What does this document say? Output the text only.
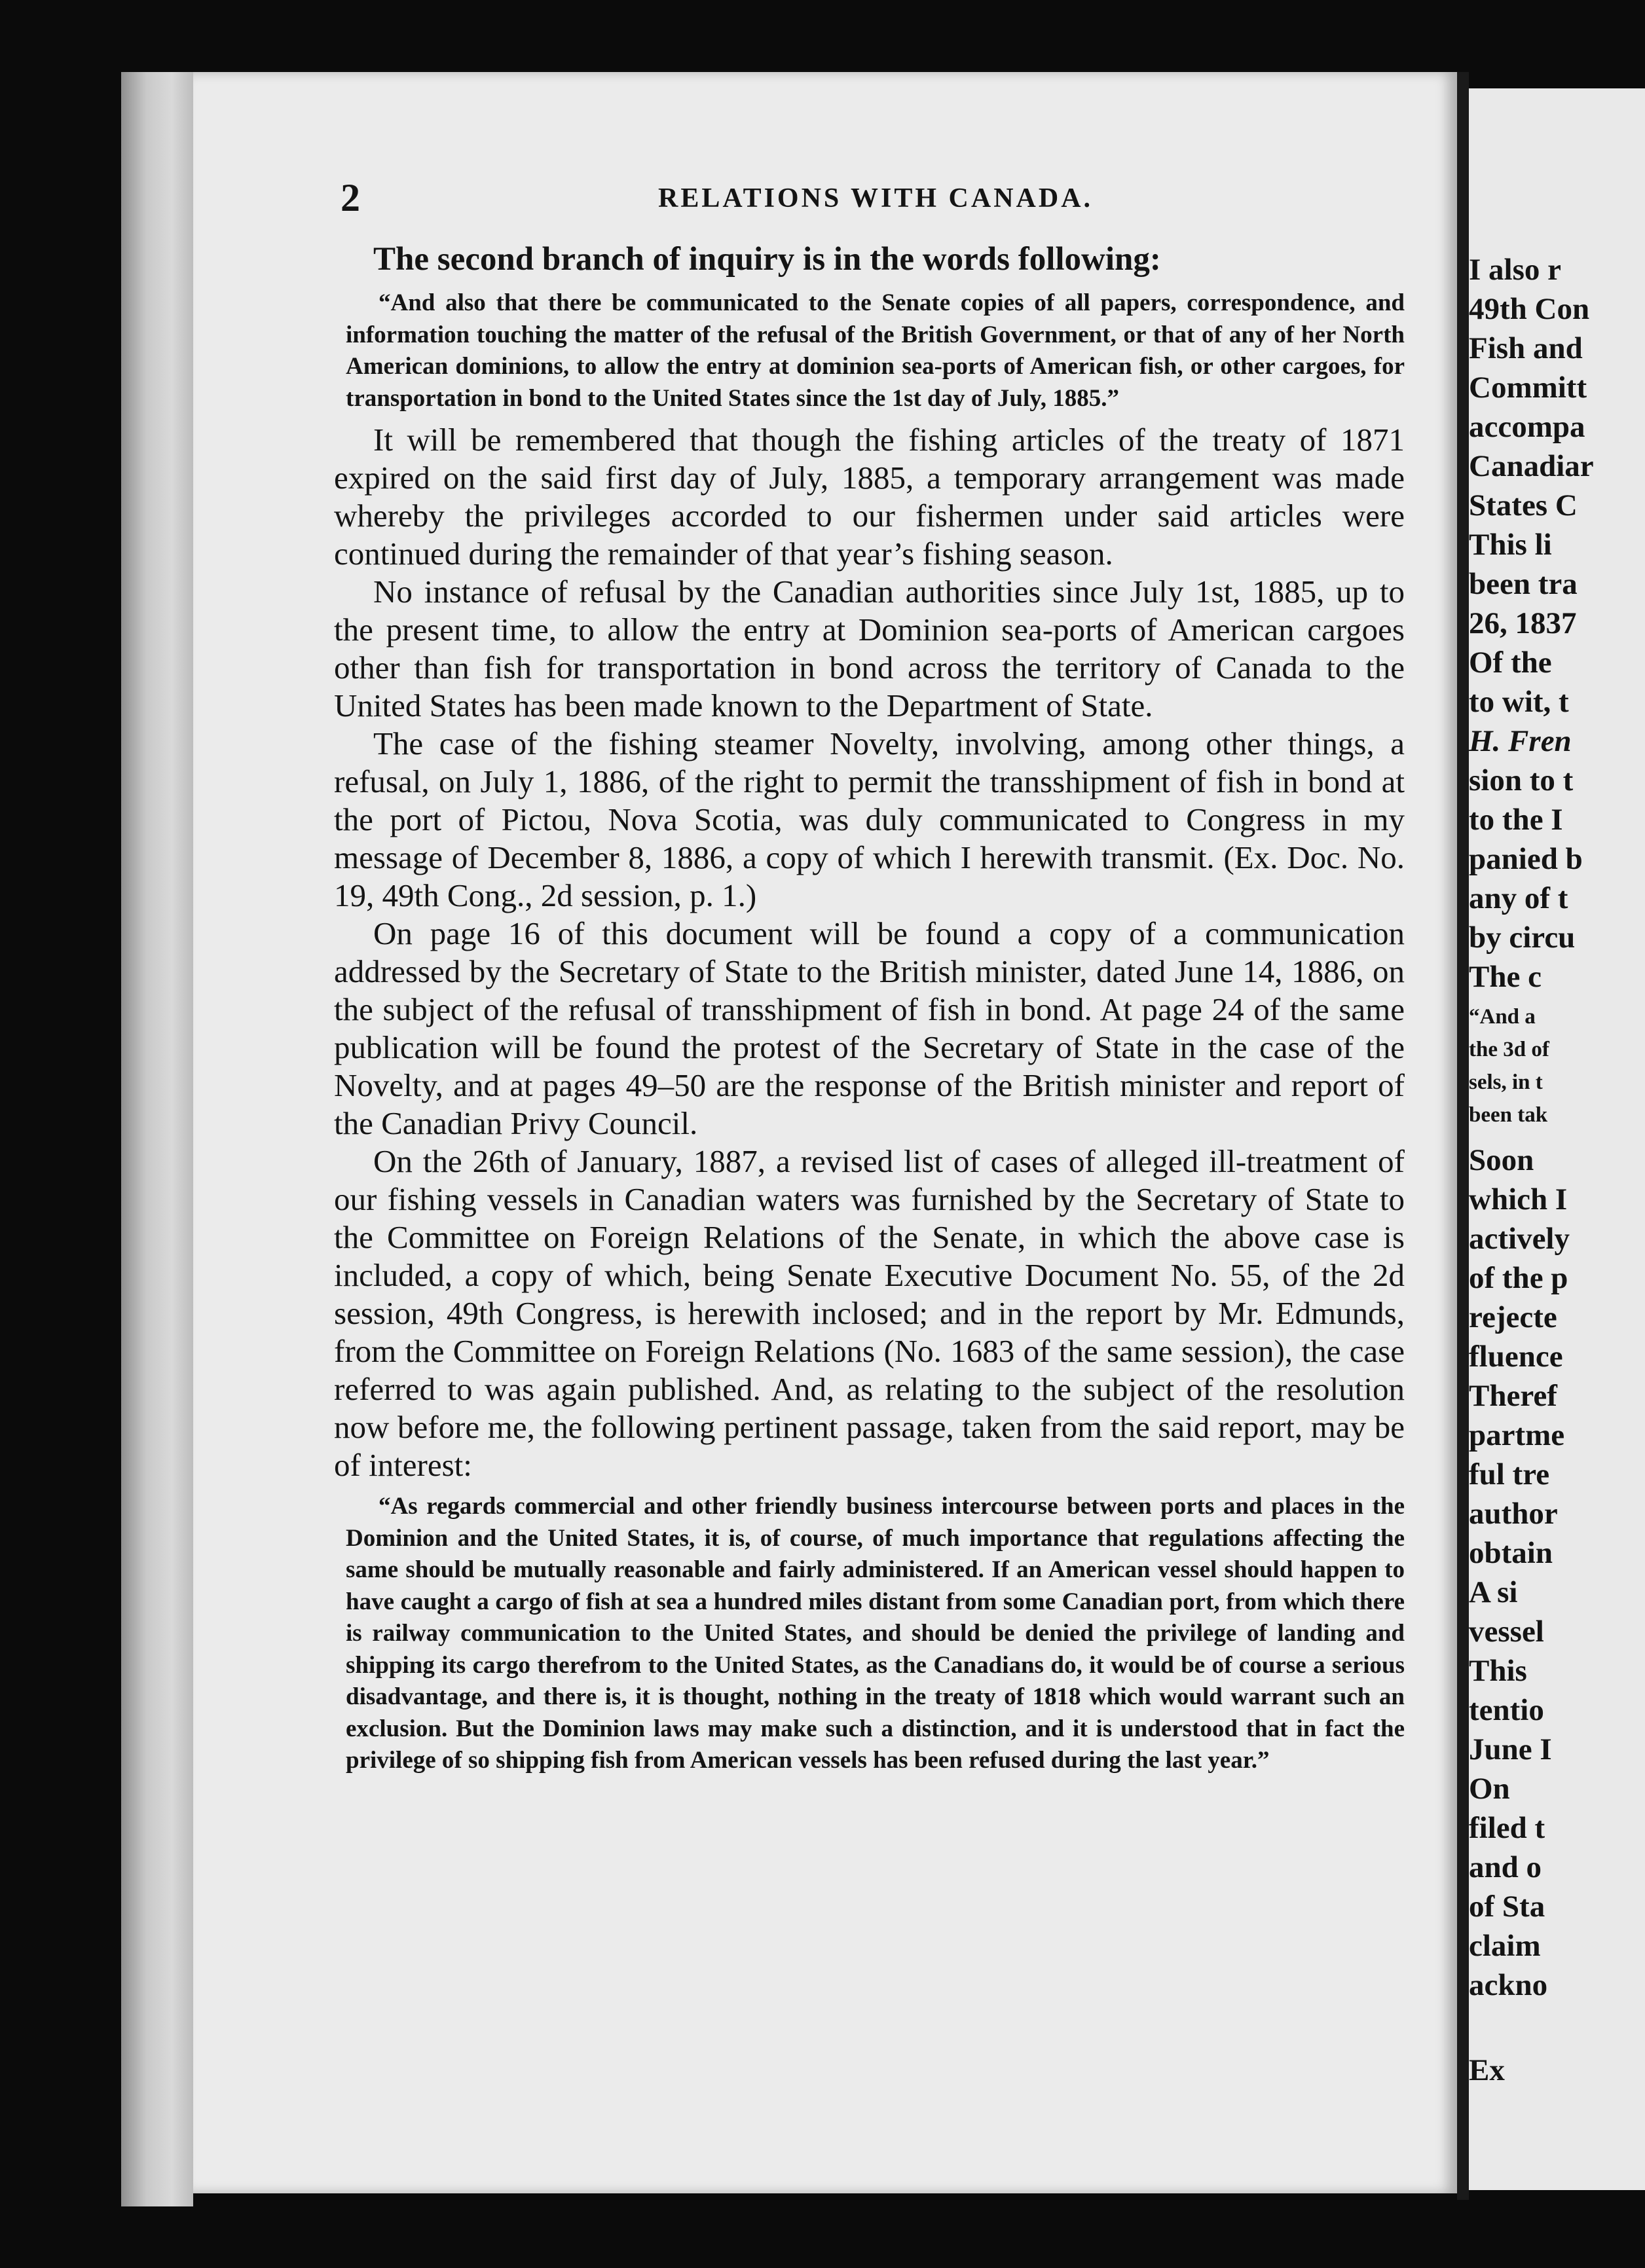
2	RELATIONS WITH CANADA.

The second branch of inquiry is in the words following:

“And also that there be communicated to the Senate copies of all papers, correspondence, and information touching the matter of the refusal of the British Government, or that of any of her North American dominions, to allow the entry at dominion sea-ports of American fish, or other cargoes, for transportation in bond to the United States since the 1st day of July, 1885.”

It will be remembered that though the fishing articles of the treaty of 1871 expired on the said first day of July, 1885, a temporary arrangement was made whereby the privileges accorded to our fishermen under said articles were continued during the remainder of that year’s fishing season.

No instance of refusal by the Canadian authorities since July 1st, 1885, up to the present time, to allow the entry at Dominion sea-ports of American cargoes other than fish for transportation in bond across the territory of Canada to the United States has been made known to the Department of State.

The case of the fishing steamer Novelty, involving, among other things, a refusal, on July 1, 1886, of the right to permit the transshipment of fish in bond at the port of Pictou, Nova Scotia, was duly communicated to Congress in my message of December 8, 1886, a copy of which I herewith transmit. (Ex. Doc. No. 19, 49th Cong., 2d session, p. 1.)

On page 16 of this document will be found a copy of a communication addressed by the Secretary of State to the British minister, dated June 14, 1886, on the subject of the refusal of transshipment of fish in bond. At page 24 of the same publication will be found the protest of the Secretary of State in the case of the Novelty, and at pages 49–50 are the response of the British minister and report of the Canadian Privy Council.

On the 26th of January, 1887, a revised list of cases of alleged ill-treatment of our fishing vessels in Canadian waters was furnished by the Secretary of State to the Committee on Foreign Relations of the Senate, in which the above case is included, a copy of which, being Senate Executive Document No. 55, of the 2d session, 49th Congress, is herewith inclosed; and in the report by Mr. Edmunds, from the Committee on Foreign Relations (No. 1683 of the same session), the case referred to was again published. And, as relating to the subject of the resolution now before me, the following pertinent passage, taken from the said report, may be of interest:

“As regards commercial and other friendly business intercourse between ports and places in the Dominion and the United States, it is, of course, of much importance that regulations affecting the same should be mutually reasonable and fairly administered. If an American vessel should happen to have caught a cargo of fish at sea a hundred miles distant from some Canadian port, from which there is railway communication to the United States, and should be denied the privilege of landing and shipping its cargo therefrom to the United States, as the Canadians do, it would be of course a serious disadvantage, and there is, it is thought, nothing in the treaty of 1818 which would warrant such an exclusion. But the Dominion laws may make such a distinction, and it is understood that in fact the privilege of so shipping fish from American vessels has been refused during the last year.”

I also r
49th Con
Fish and
Committ
accompa
Canadiar
States C
This li
been tra
26, 1837
Of the
to wit, t
H. Fren
sion to t
to the I
panied b
any of t
by circu
The c
“And a
the 3d of
sels, in t
been tak
Soon
which I
actively
of the p
rejecte
fluence
Theref
partme
ful tre
author
obtain
A si
vessel
This
tentio
June I
On
filed t
and o
of Sta
claim
ackno
Ex
